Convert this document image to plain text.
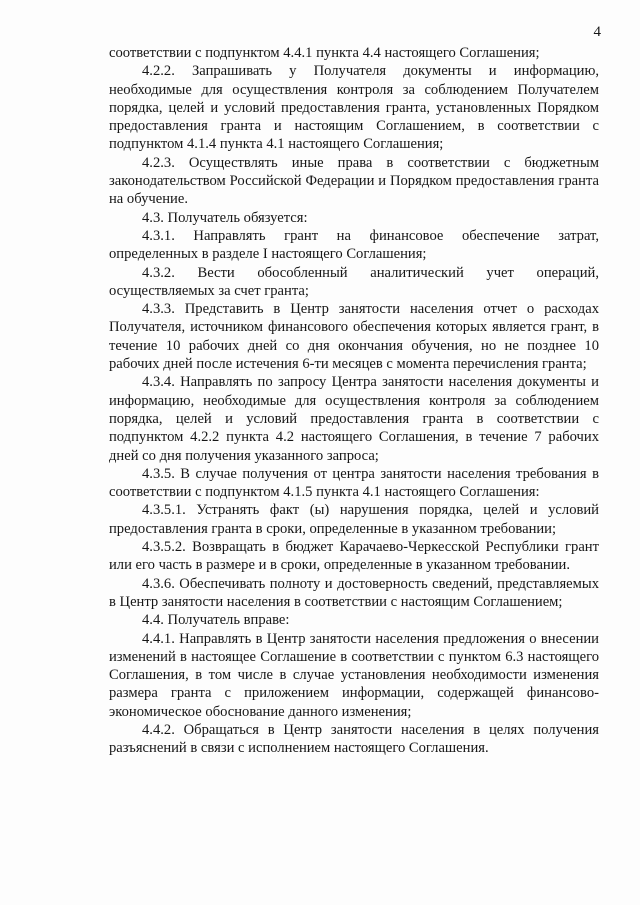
4

соответствии с подпунктом 4.4.1 пункта 4.4 настоящего Соглашения;

4.2.2. Запрашивать у Получателя документы и информацию, необходимые для осуществления контроля за соблюдением Получателем порядка, целей и условий предоставления гранта, установленных Порядком предоставления гранта и настоящим Соглашением, в соответствии с подпунктом 4.1.4 пункта 4.1 настоящего Соглашения;

4.2.3. Осуществлять иные права в соответствии с бюджетным законодательством Российской Федерации и Порядком предоставления гранта на обучение.

4.3. Получатель обязуется:

4.3.1. Направлять грант на финансовое обеспечение затрат, определенных в разделе I настоящего Соглашения;

4.3.2. Вести обособленный аналитический учет операций, осуществляемых за счет гранта;

4.3.3. Представить в Центр занятости населения отчет о расходах Получателя, источником финансового обеспечения которых является грант, в течение 10 рабочих дней со дня окончания обучения, но не позднее 10 рабочих дней после истечения 6-ти месяцев с момента перечисления гранта;

4.3.4. Направлять по запросу Центра занятости населения документы и информацию, необходимые для осуществления контроля за соблюдением порядка, целей и условий предоставления гранта в соответствии с подпунктом 4.2.2 пункта 4.2 настоящего Соглашения, в течение 7 рабочих дней со дня получения указанного запроса;

4.3.5. В случае получения от центра занятости населения требования в соответствии с подпунктом 4.1.5 пункта 4.1 настоящего Соглашения:

4.3.5.1. Устранять факт (ы) нарушения порядка, целей и условий предоставления гранта в сроки, определенные в указанном требовании;

4.3.5.2. Возвращать в бюджет Карачаево-Черкесской Республики грант или его часть в размере и в сроки, определенные в указанном требовании.

4.3.6. Обеспечивать полноту и достоверность сведений, представляемых в Центр занятости населения в соответствии с настоящим Соглашением;

4.4. Получатель вправе:

4.4.1. Направлять в Центр занятости населения предложения о внесении изменений в настоящее Соглашение в соответствии с пунктом 6.3 настоящего Соглашения, в том числе в случае установления необходимости изменения размера гранта с приложением информации, содержащей финансово-экономическое обоснование данного изменения;

4.4.2. Обращаться в Центр занятости населения в целях получения разъяснений в связи с исполнением настоящего Соглашения.
